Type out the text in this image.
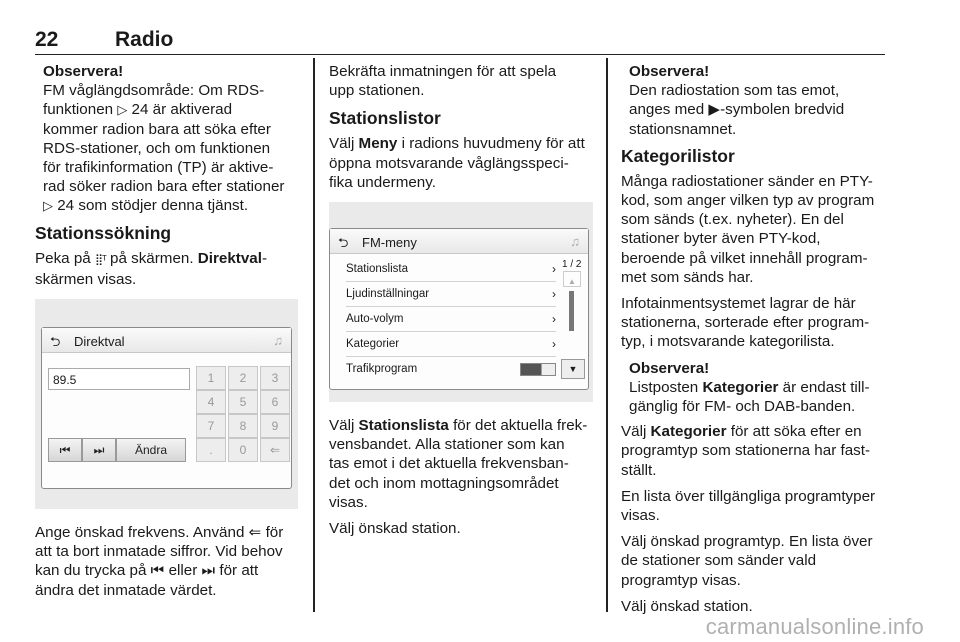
22	Radio
Observera!
FM våglängdsområde: Om RDS-
funktionen ▷ 24 är aktiverad
kommer radion bara att söka efter
RDS-stationer, och om funktionen
för trafikinformation (TP) är aktive-
rad söker radion bara efter stationer
▷ 24 som stödjer denna tjänst.
Stationssökning

Peka på ⣿ᵀ på skärmen. Direktval-
skärmen visas.

⮌ Direktval	♫
89.5	1	2	3
4	5	6
7	8	9
.	0	⇐
⏮	⏭	Ändra

Ange önskad frekvens. Använd ⇐ för
att ta bort inmatade siffror. Vid behov
kan du trycka på ⏮ eller ⏭ för att
ändra det inmatade värdet.

Bekräfta inmatningen för att spela
upp stationen.

Stationslistor

Välj Meny i radions huvudmeny för att
öppna motsvarande våglängsspeci-
fika undermeny.

⮌ FM-meny	♫
Stationslista	›
Ljudinställningar	›
Auto-volym	›
Kategorier	›
Trafikprogram
1 / 2
▲
▼

Välj Stationslista för det aktuella frek-
vensbandet. Alla stationer som kan
tas emot i det aktuella frekvensban-
det och inom mottagningsområdet
visas.

Välj önskad station.

Observera!
Den radiostation som tas emot,
anges med ▶-symbolen bredvid
stationsnamnet.
Kategorilistor

Många radiostationer sänder en PTY-
kod, som anger vilken typ av program
som sänds (t.ex. nyheter). En del
stationer byter även PTY-kod,
beroende på vilket innehåll program-
met som sänds har.

Infotainmentsystemet lagrar de här
stationerna, sorterade efter program-
typ, i motsvarande kategorilista.

Observera!
Listposten Kategorier är endast till-
gänglig för FM- och DAB-banden.

Välj Kategorier för att söka efter en
programtyp som stationerna har fast-
ställt.

En lista över tillgängliga programtyper
visas.

Välj önskad programtyp. En lista över
de stationer som sänder vald
programtyp visas.

Välj önskad station.

carmanualsonline.info
